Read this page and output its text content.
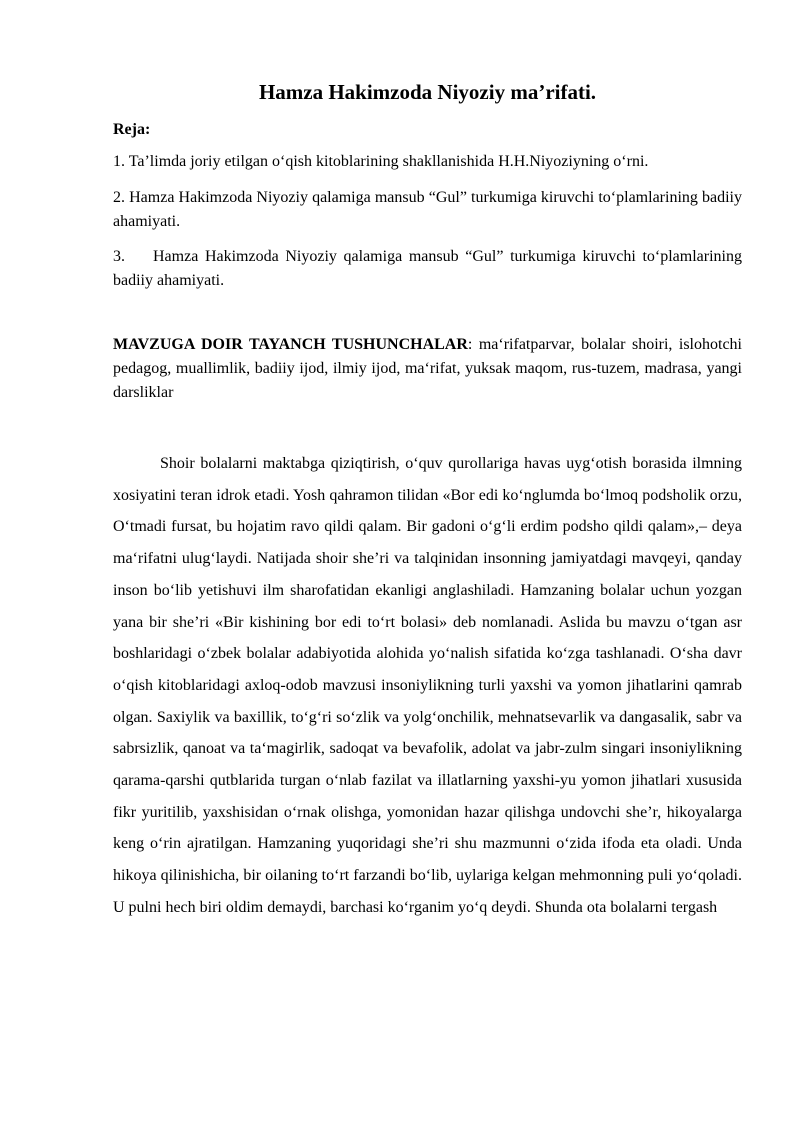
Hamza Hakimzoda Niyoziy ma’rifati.
Reja:

1. Ta’limda joriy etilgan o‘qish kitoblarining shakllanishida H.H.Niyoziyning o‘rni.

2. Hamza Hakimzoda Niyoziy qalamiga mansub “Gul” turkumiga kiruvchi to‘plamlarining badiiy ahamiyati.

3. Hamza Hakimzoda Niyoziy qalamiga mansub “Gul” turkumiga kiruvchi to‘plamlarining badiiy ahamiyati.

MAVZUGA DOIR TAYANCH TUSHUNCHALAR: ma‘rifatparvar, bolalar shoiri, islohotchi pedagog, muallimlik, badiiy ijod, ilmiy ijod, ma‘rifat, yuksak maqom, rus-tuzem, madrasa, yangi darsliklar

Shoir bolalarni maktabga qiziqtirish, o‘quv qurollariga havas uyg‘otish borasida ilmning xosiyatini teran idrok etadi. Yosh qahramon tilidan «Bor edi ko‘nglumda bo‘lmoq podsholik orzu, O‘tmadi fursat, bu hojatim ravo qildi qalam. Bir gadoni o‘g‘li erdim podsho qildi qalam»,– deya ma‘rifatni ulug‘laydi. Natijada shoir she’ri va talqinidan insonning jamiyatdagi mavqeyi, qanday inson bo‘lib yetishuvi ilm sharofatidan ekanligi anglashiladi. Hamzaning bolalar uchun yozgan yana bir she’ri «Bir kishining bor edi to‘rt bolasi» deb nomlanadi. Aslida bu mavzu o‘tgan asr boshlaridagi o‘zbek bolalar adabiyotida alohida yo‘nalish sifatida ko‘zga tashlanadi. O‘sha davr o‘qish kitoblaridagi axloq-odob mavzusi insoniylikning turli yaxshi va yomon jihatlarini qamrab olgan. Saxiylik va baxillik, to‘g‘ri so‘zlik va yolg‘onchilik, mehnatsevarlik va dangasalik, sabr va sabrsizlik, qanoat va ta‘magirlik, sadoqat va bevafolik, adolat va jabr-zulm singari insoniylikning qarama-qarshi qutblarida turgan o‘nlab fazilat va illatlarning yaxshi-yu yomon jihatlari xususida fikr yuritilib, yaxshisidan o‘rnak olishga, yomonidan hazar qilishga undovchi she’r, hikoyalarga keng o‘rin ajratilgan. Hamzaning yuqoridagi she’ri shu mazmunni o‘zida ifoda eta oladi. Unda hikoya qilinishicha, bir oilaning to‘rt farzandi bo‘lib, uylariga kelgan mehmonning puli yo‘qoladi. U pulni hech biri oldim demaydi, barchasi ko‘rganim yo‘q deydi. Shunda ota bolalarni tergash
